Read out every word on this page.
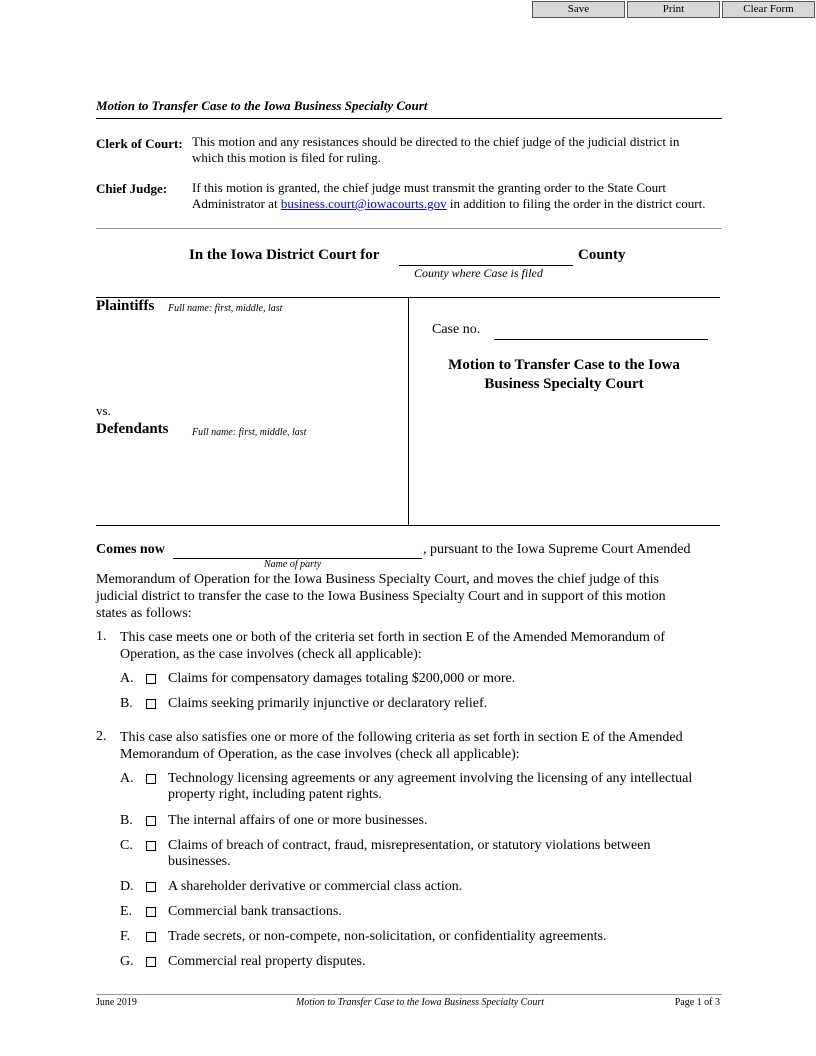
Save	Print	Clear Form
Motion to Transfer Case to the Iowa Business Specialty Court
Clerk of Court: This motion and any resistances should be directed to the chief judge of the judicial district in which this motion is filed for ruling.
Chief Judge: If this motion is granted, the chief judge must transmit the granting order to the State Court
Administrator at business.court@iowacourts.gov in addition to filing the order in the district court.
In the Iowa District Court for	County
County where Case is filed
Plaintiffs Full name: first, middle, last
vs.
Defendants Full name: first, middle, last
Case no.
Motion to Transfer Case to the Iowa
Business Specialty Court
Comes now	, pursuant to the Iowa Supreme Court Amended
Name of party
Memorandum of Operation for the Iowa Business Specialty Court, and moves the chief judge of this
judicial district to transfer the case to the Iowa Business Specialty Court and in support of this motion
states as follows:
1. This case meets one or both of the criteria set forth in section E of the Amended Memorandum of
Operation, as the case involves (check all applicable):
A. Claims for compensatory damages totaling $200,000 or more.
B.	Claims seeking primarily injunctive or declaratory relief.
2. This case also satisfies one or more of the following criteria as set forth in section E of the Amended
Memorandum of Operation, as the case involves (check all applicable):
A. Technology licensing agreements or any agreement involving the licensing of any intellectual
property right, including patent rights.
B.	The internal affairs of one or more businesses.
C.	Claims of breach of contract, fraud, misrepresentation, or statutory violations between
businesses.
D. A shareholder derivative or commercial class action.
E.	Commercial bank transactions.
F.	Trade secrets, or non-compete, non-solicitation, or confidentiality agreements.
G. Commercial real property disputes.
June 2019	Motion to Transfer Case to the Iowa Business Specialty Court	Page 1 of 3
